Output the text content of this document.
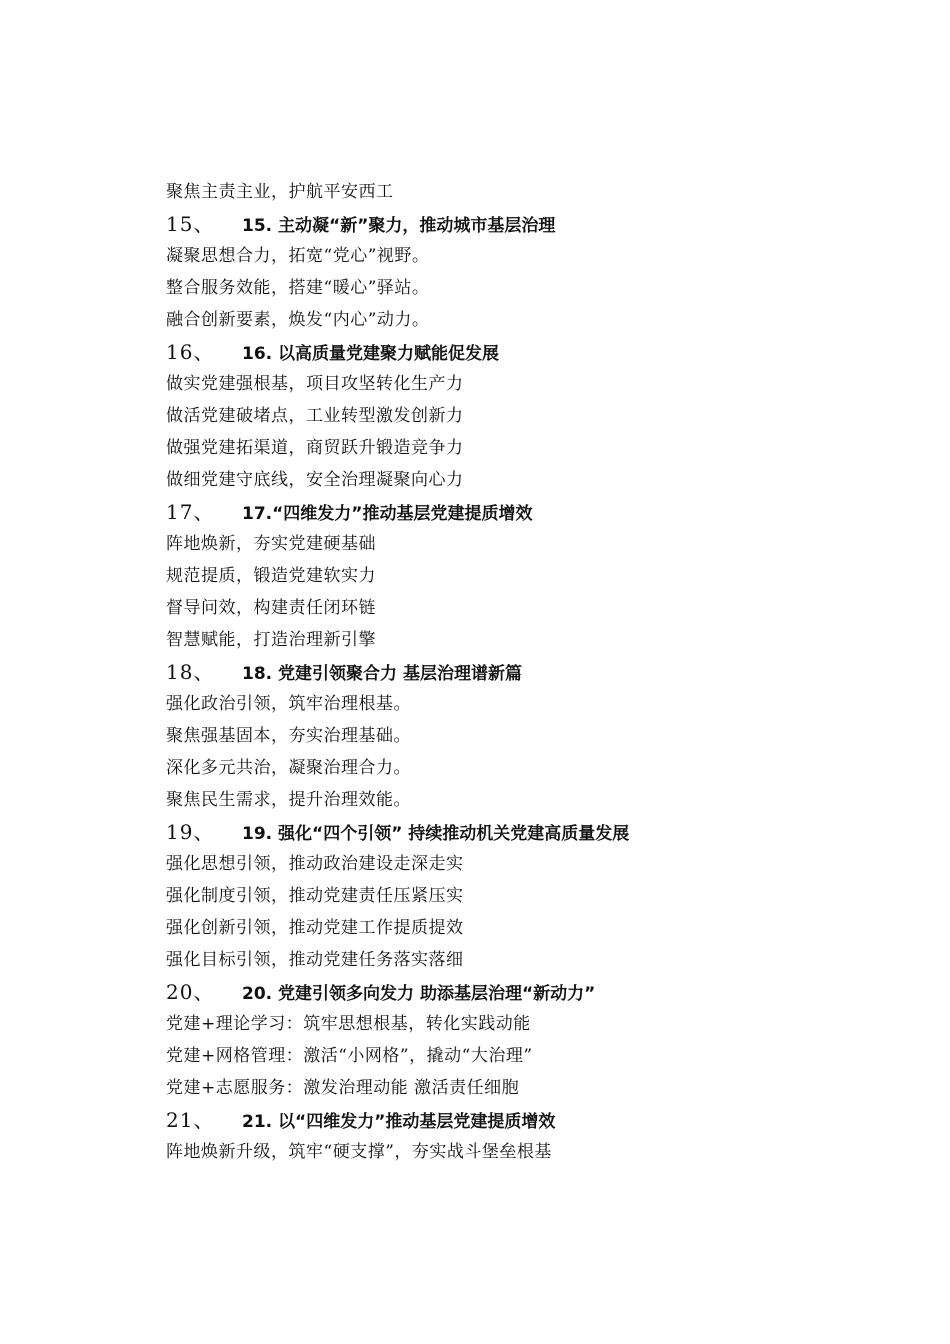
聚焦主责主业，护航平安西工
15、	15. 主动凝“新”聚力，推动城市基层治理
凝聚思想合力，拓宽“党心”视野。
整合服务效能，搭建“暖心”驿站。
融合创新要素，焕发“内心”动力。
16、	16. 以高质量党建聚力赋能促发展
做实党建强根基，项目攻坚转化生产力
做活党建破堵点，工业转型激发创新力
做强党建拓渠道，商贸跃升锻造竞争力
做细党建守底线，安全治理凝聚向心力
17、	17.“四维发力”推动基层党建提质增效
阵地焕新，夯实党建硬基础
规范提质，锻造党建软实力
督导问效，构建责任闭环链
智慧赋能，打造治理新引擎
18、	18. 党建引领聚合力 基层治理谱新篇
强化政治引领，筑牢治理根基。
聚焦强基固本，夯实治理基础。
深化多元共治，凝聚治理合力。
聚焦民生需求，提升治理效能。
19、	19. 强化“四个引领” 持续推动机关党建高质量发展
强化思想引领，推动政治建设走深走实
强化制度引领，推动党建责任压紧压实
强化创新引领，推动党建工作提质提效
强化目标引领，推动党建任务落实落细
20、	20. 党建引领多向发力 助添基层治理“新动力”
党建+理论学习：筑牢思想根基，转化实践动能
党建+网格管理：激活“小网格”，撬动“大治理”
党建+志愿服务：激发治理动能 激活责任细胞
21、	21. 以“四维发力”推动基层党建提质增效
阵地焕新升级，筑牢“硬支撑”，夯实战斗堡垒根基
